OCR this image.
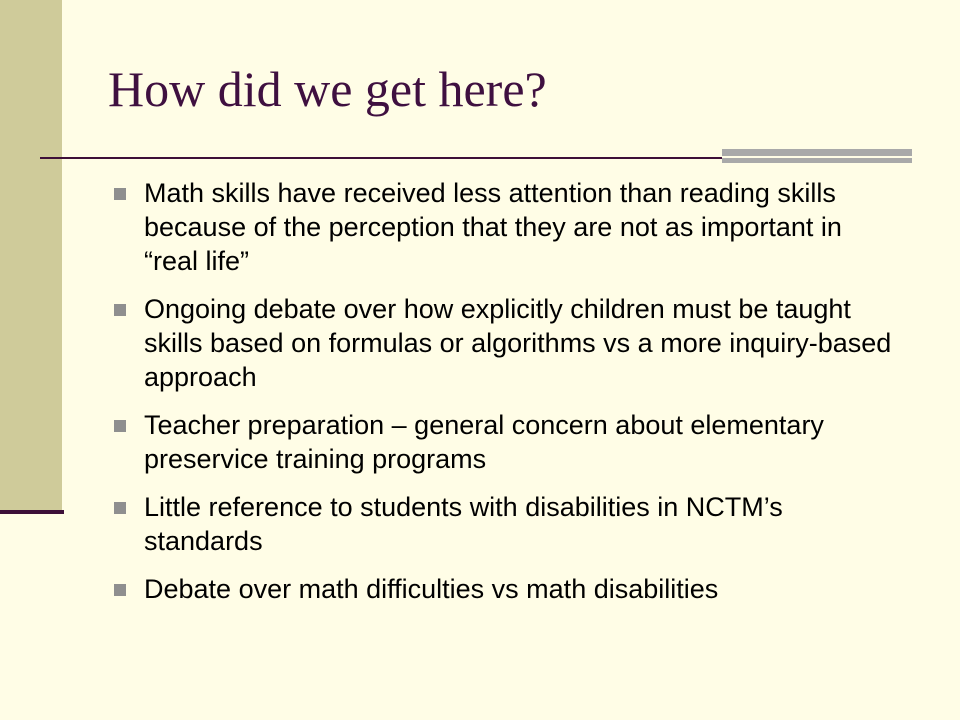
How did we get here?
Math skills have received less attention than reading skills because of the perception that they are not as important in “real life”
Ongoing debate over how explicitly children must be taught skills based on formulas or algorithms vs a more inquiry-based approach
Teacher preparation – general concern about elementary preservice training programs
Little reference to students with disabilities in NCTM’s standards
Debate over math difficulties vs math disabilities
